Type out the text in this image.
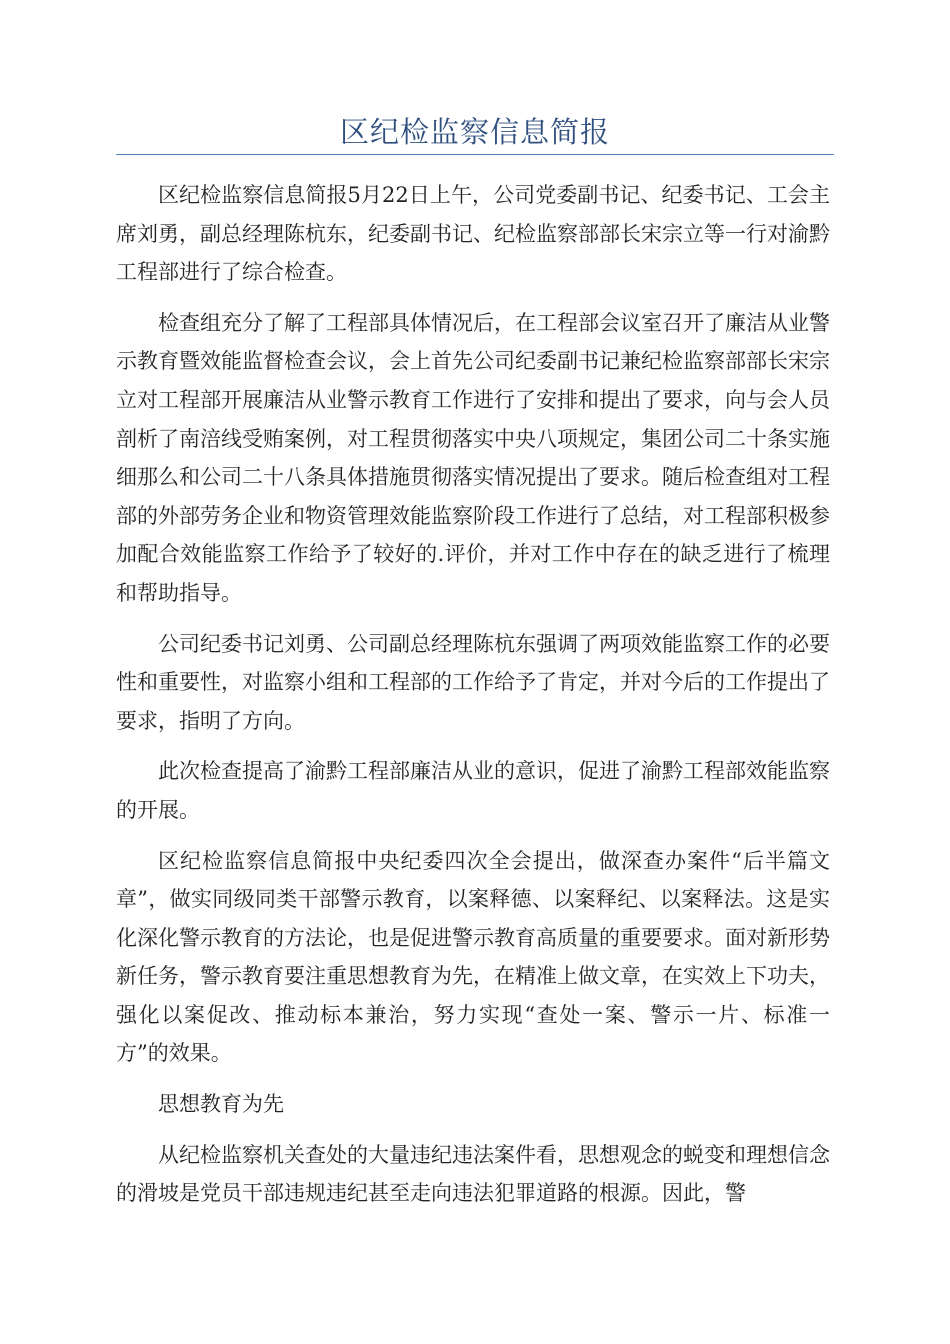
区纪检监察信息简报

区纪检监察信息简报5月22日上午，公司党委副书记、纪委书记、工会主席刘勇，副总经理陈杭东，纪委副书记、纪检监察部部长宋宗立等一行对渝黔工程部进行了综合检查。

检查组充分了解了工程部具体情况后，在工程部会议室召开了廉洁从业警示教育暨效能监督检查会议，会上首先公司纪委副书记兼纪检监察部部长宋宗立对工程部开展廉洁从业警示教育工作进行了安排和提出了要求，向与会人员剖析了南涪线受贿案例，对工程贯彻落实中央八项规定，集团公司二十条实施细那么和公司二十八条具体措施贯彻落实情况提出了要求。随后检查组对工程部的外部劳务企业和物资管理效能监察阶段工作进行了总结，对工程部积极参加配合效能监察工作给予了较好的.评价，并对工作中存在的缺乏进行了梳理和帮助指导。

公司纪委书记刘勇、公司副总经理陈杭东强调了两项效能监察工作的必要性和重要性，对监察小组和工程部的工作给予了肯定，并对今后的工作提出了要求，指明了方向。

此次检查提高了渝黔工程部廉洁从业的意识，促进了渝黔工程部效能监察的开展。

区纪检监察信息简报中央纪委四次全会提出，做深查办案件“后半篇文章”，做实同级同类干部警示教育，以案释德、以案释纪、以案释法。这是实化深化警示教育的方法论，也是促进警示教育高质量的重要要求。面对新形势新任务，警示教育要注重思想教育为先，在精准上做文章，在实效上下功夫，强化以案促改、推动标本兼治，努力实现“查处一案、警示一片、标准一方”的效果。

思想教育为先

从纪检监察机关查处的大量违纪违法案件看，思想观念的蜕变和理想信念的滑坡是党员干部违规违纪甚至走向违法犯罪道路的根源。因此，警
